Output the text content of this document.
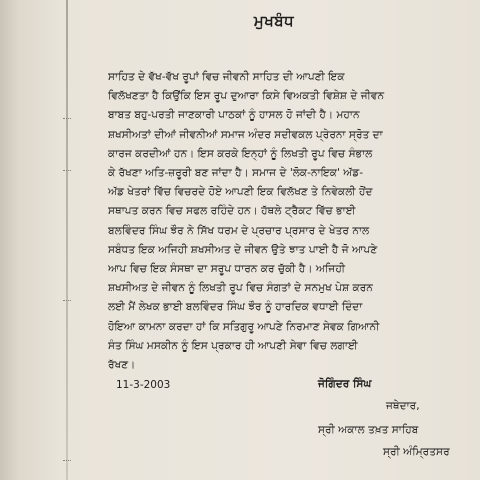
ਮੁਖਬੰਧ
ਸਾਹਿਤ ਦੇ ਵੱਖ-ਵੱਖ ਰੂਪਾਂ ਵਿਚ ਜੀਵਨੀ ਸਾਹਿਤ ਦੀ ਆਪਣੀ ਇਕ
ਵਿਲੱਖਣਤਾ ਹੈ ਕਿਉਂਕਿ ਇਸ ਰੂਪ ਦੁਆਰਾ ਕਿਸੇ ਵਿਅਕਤੀ ਵਿਸ਼ੇਸ਼ ਦੇ ਜੀਵਨ
ਬਾਬਤ ਬਹੁ-ਪਰਤੀ ਜਾਣਕਾਰੀ ਪਾਠਕਾਂ ਨੂੰ ਹਾਸਲ ਹੋ ਜਾਂਦੀ ਹੈ। ਮਹਾਨ
ਸ਼ਖਸੀਅਤਾਂ ਦੀਆਂ ਜੀਵਨੀਆਂ ਸਮਾਜ ਅੰਦਰ ਸਦੀਵਕਲ ਪ੍ਰੇਰਨਾ ਸ੍ਰੋਤ ਦਾ
ਕਾਰਜ ਕਰਦੀਆਂ ਹਨ। ਇਸ ਕਰਕੇ ਇਨ੍ਹਾਂ ਨੂੰ ਲਿਖਤੀ ਰੂਪ ਵਿਚ ਸੰਭਾਲ
ਕੇ ਰੱਖਣਾ ਅਤਿ-ਜ਼ਰੂਰੀ ਬਣ ਜਾਂਦਾ ਹੈ। ਸਮਾਜ ਦੇ 'ਲੋਕ-ਨਾਇਕ' ਅੱਡ-
ਅੱਡ ਖੇਤਰਾਂ ਵਿੱਚ ਵਿਚਰਦੇ ਹੋਏ ਆਪਣੀ ਇਕ ਵਿਲੱਖਣ ਤੇ ਨਿਵੇਕਲੀ ਹੋਂਦ
ਸਥਾਪਤ ਕਰਨ ਵਿਚ ਸਫਲ ਰਹਿੰਦੇ ਹਨ। ਹੱਥਲੇ ਟ੍ਰੈਕਟ ਵਿੱਚ ਭਾਈ
ਬਲਵਿੰਦਰ ਸਿੰਘ ਝੌਰ ਨੇ ਸਿੱਖ ਧਰਮ ਦੇ ਪ੍ਰਚਾਰ ਪ੍ਰਸਾਰ ਦੇ ਖੇਤਰ ਨਾਲ
ਸਬੰਧਤ ਇਕ ਅਜਿਹੀ ਸ਼ਖਸੀਅਤ ਦੇ ਜੀਵਨ ਉਤੇ ਝਾਤ ਪਾਈ ਹੈ ਜੋ ਆਪਣੇ
ਆਪ ਵਿਚ ਇਕ ਸੰਸਥਾ ਦਾ ਸਰੂਪ ਧਾਰਨ ਕਰ ਚੁੱਕੀ ਹੈ। ਅਜਿਹੀ
ਸ਼ਖਸੀਅਤ ਦੇ ਜੀਵਨ ਨੂੰ ਲਿਖਤੀ ਰੂਪ ਵਿਚ ਸੰਗਤਾਂ ਦੇ ਸਨਮੁਖ ਪੇਸ਼ ਕਰਨ
ਲਈ ਮੈਂ ਲੇਖਕ ਭਾਈ ਬਲਵਿੰਦਰ ਸਿੰਘ ਝੌਰ ਨੂੰ ਹਾਰਦਿਕ ਵਧਾਈ ਦਿੰਦਾ
ਹੋਇਆ ਕਾਮਨਾ ਕਰਦਾ ਹਾਂ ਕਿ ਸਤਿਗੁਰੂ ਆਪਣੇ ਨਿਰਮਾਣ ਸੇਵਕ ਗਿਆਨੀ
ਸੰਤ ਸਿੰਘ ਮਸਕੀਨ ਨੂੰ ਇਸ ਪ੍ਰਕਾਰ ਹੀ ਆਪਣੀ ਸੇਵਾ ਵਿਚ ਲਗਾਈ
ਰੱਖਣ।
11-3-2003	ਜੋਗਿੰਦਰ ਸਿੰਘ
ਜਥੇਦਾਰ,
ਸ੍ਰੀ ਅਕਾਲ ਤਖ਼ਤ ਸਾਹਿਬ
ਸ੍ਰੀ ਅੰਮ੍ਰਿਤਸਰ
